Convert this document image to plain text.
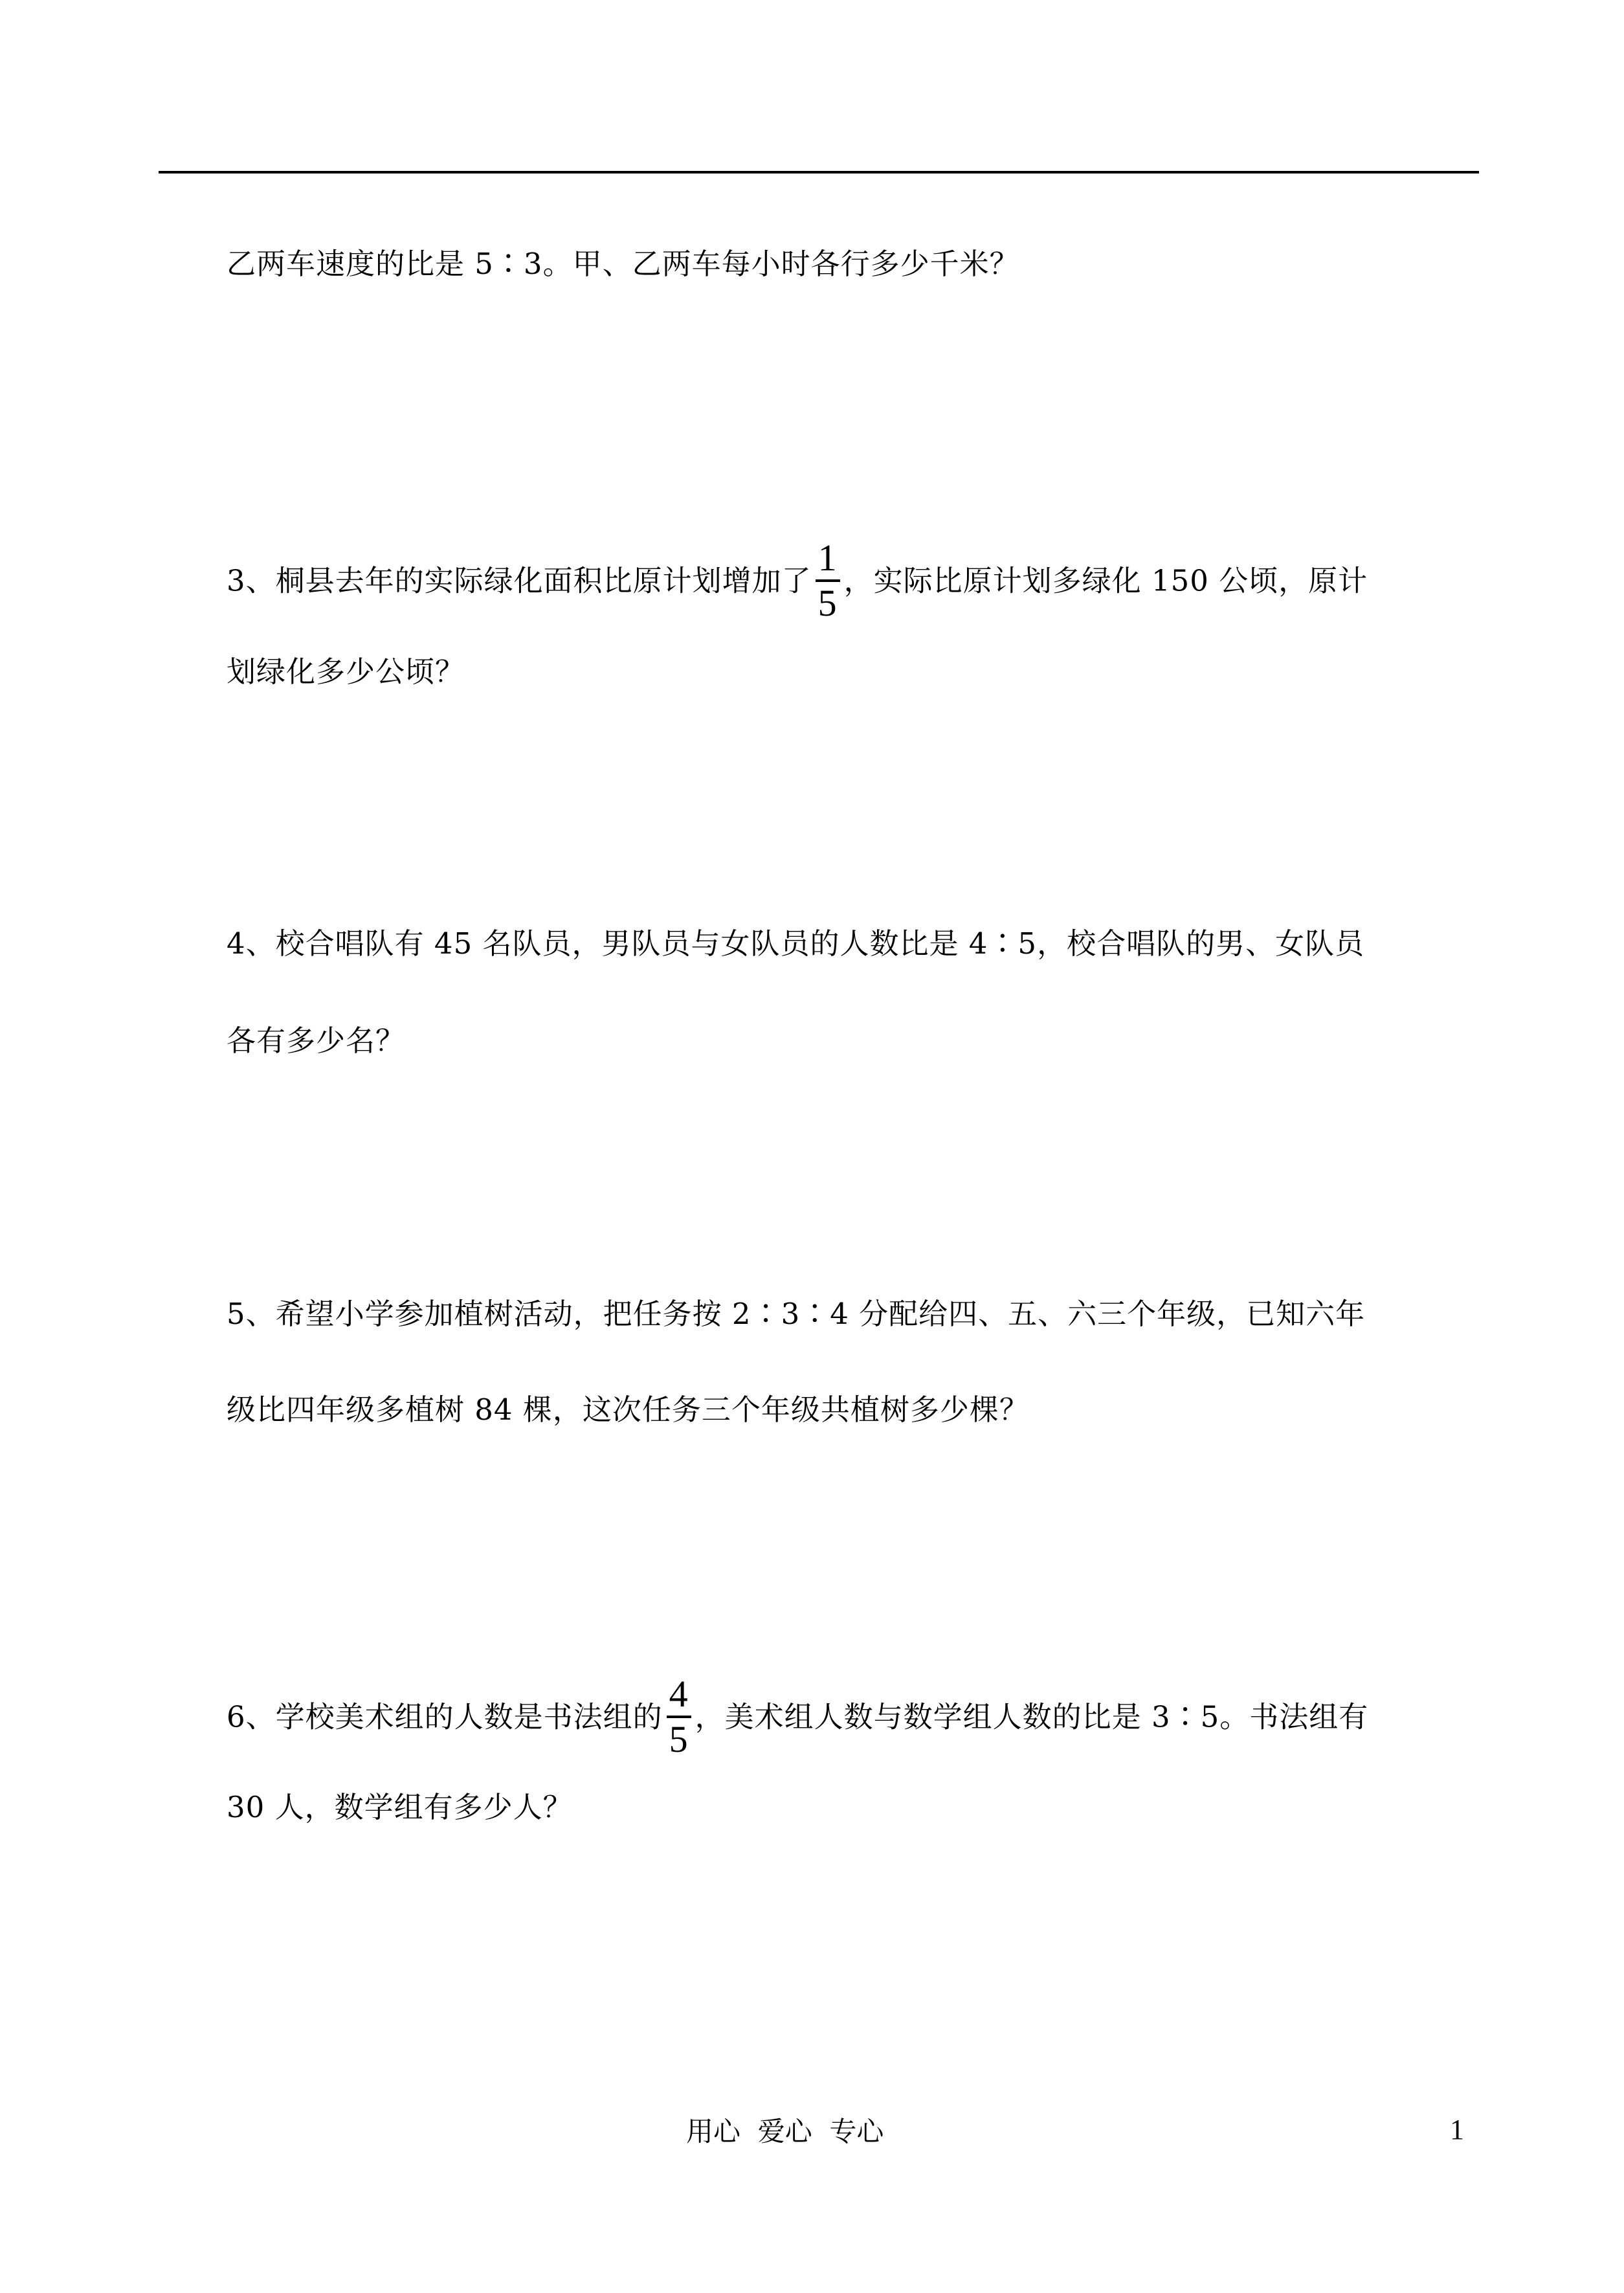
乙两车速度的比是 5∶3。甲、乙两车每小时各行多少千米？
3、桐县去年的实际绿化面积比原计划增加了 $\frac{1}{5}$ ，实际比原计划多绿化 150 公顷，原计
划绿化多少公顷？
4、校合唱队有 45 名队员，男队员与女队员的人数比是 4∶5，校合唱队的男、女队员
各有多少名？
5、希望小学参加植树活动，把任务按 2∶3∶4 分配给四、五、六三个年级，已知六年
级比四年级多植树 84 棵，这次任务三个年级共植树多少棵？
6、学校美术组的人数是书法组的 $\frac{4}{5}$ ，美术组人数与数学组人数的比是 3∶5。书法组有
30 人，数学组有多少人？
用心  爱心  专心	1
